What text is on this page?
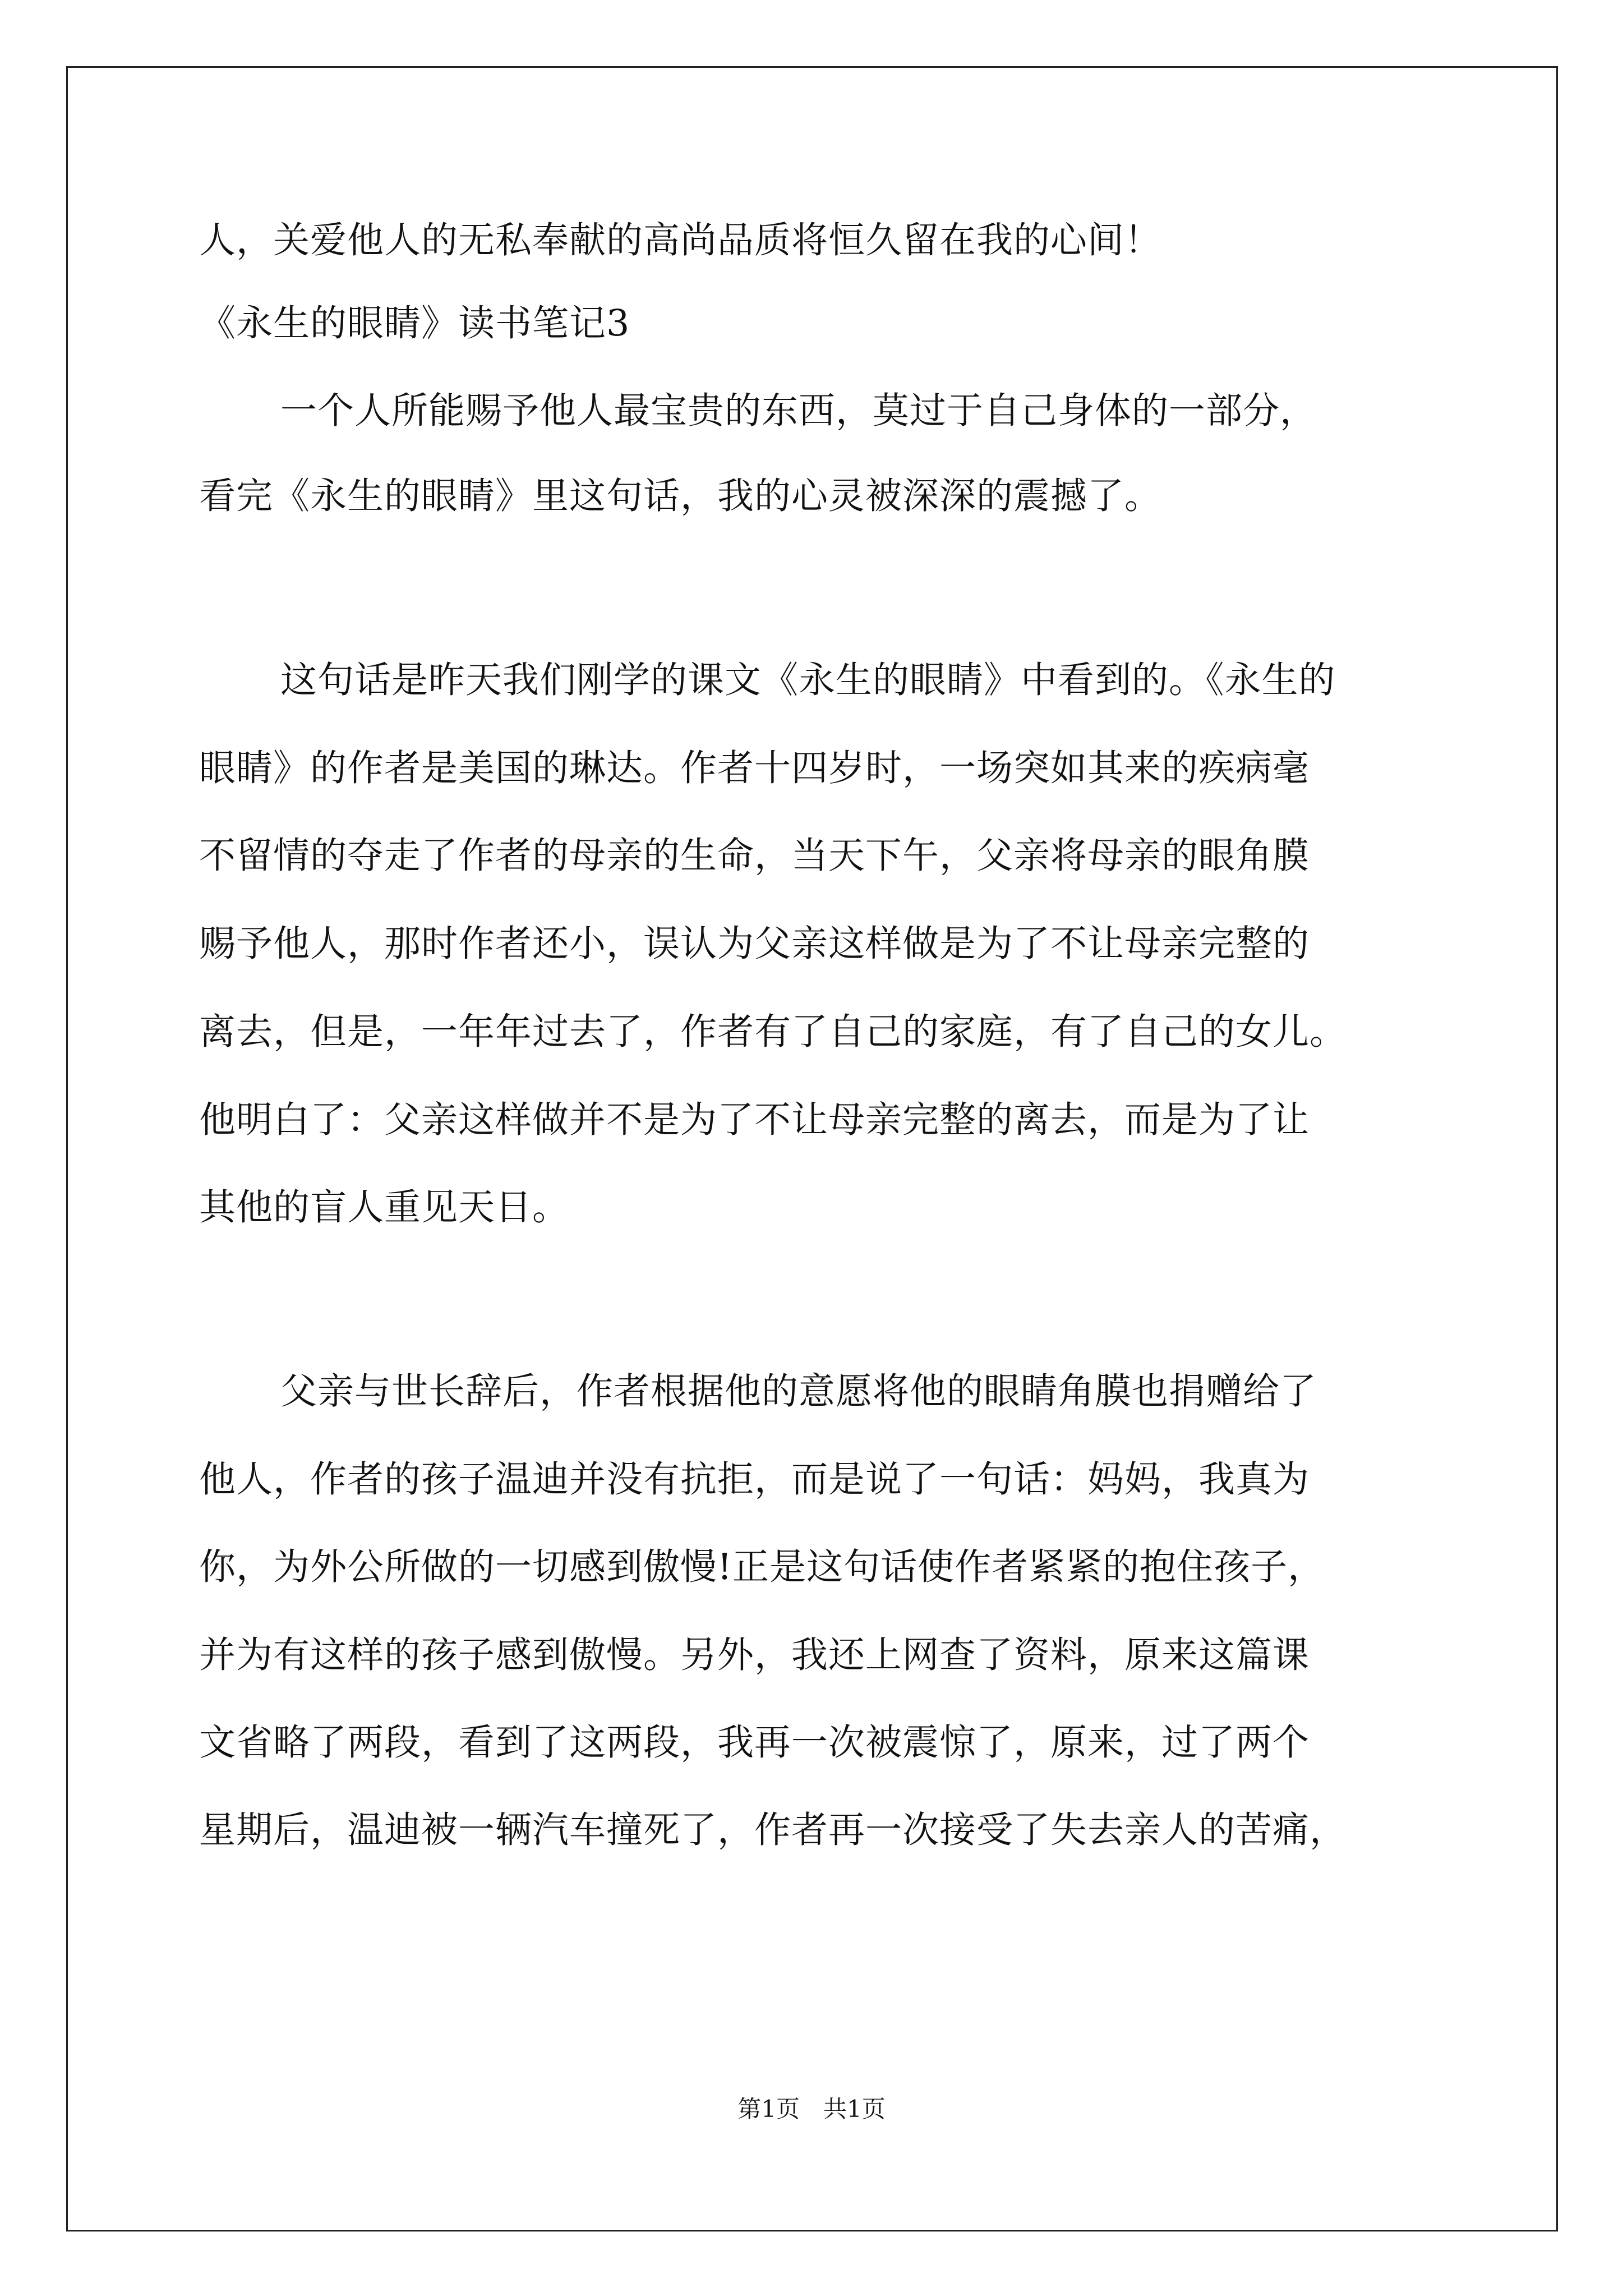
人，关爱他人的无私奉献的高尚品质将恒久留在我的心间！
《永生的眼睛》读书笔记3
一个人所能赐予他人最宝贵的东西，莫过于自己身体的一部分，
看完《永生的眼睛》里这句话，我的心灵被深深的震撼了。
这句话是昨天我们刚学的课文《永生的眼睛》中看到的。《永生的
眼睛》的作者是美国的琳达。作者十四岁时，一场突如其来的疾病毫
不留情的夺走了作者的母亲的生命，当天下午，父亲将母亲的眼角膜
赐予他人，那时作者还小，误认为父亲这样做是为了不让母亲完整的
离去，但是，一年年过去了，作者有了自己的家庭，有了自己的女儿。
他明白了：父亲这样做并不是为了不让母亲完整的离去，而是为了让
其他的盲人重见天日。
父亲与世长辞后，作者根据他的意愿将他的眼睛角膜也捐赠给了
他人，作者的孩子温迪并没有抗拒，而是说了一句话：妈妈，我真为
你，为外公所做的一切感到傲慢!正是这句话使作者紧紧的抱住孩子，
并为有这样的孩子感到傲慢。另外，我还上网查了资料，原来这篇课
文省略了两段，看到了这两段，我再一次被震惊了，原来，过了两个
星期后，温迪被一辆汽车撞死了，作者再一次接受了失去亲人的苦痛，
第1页　共1页
